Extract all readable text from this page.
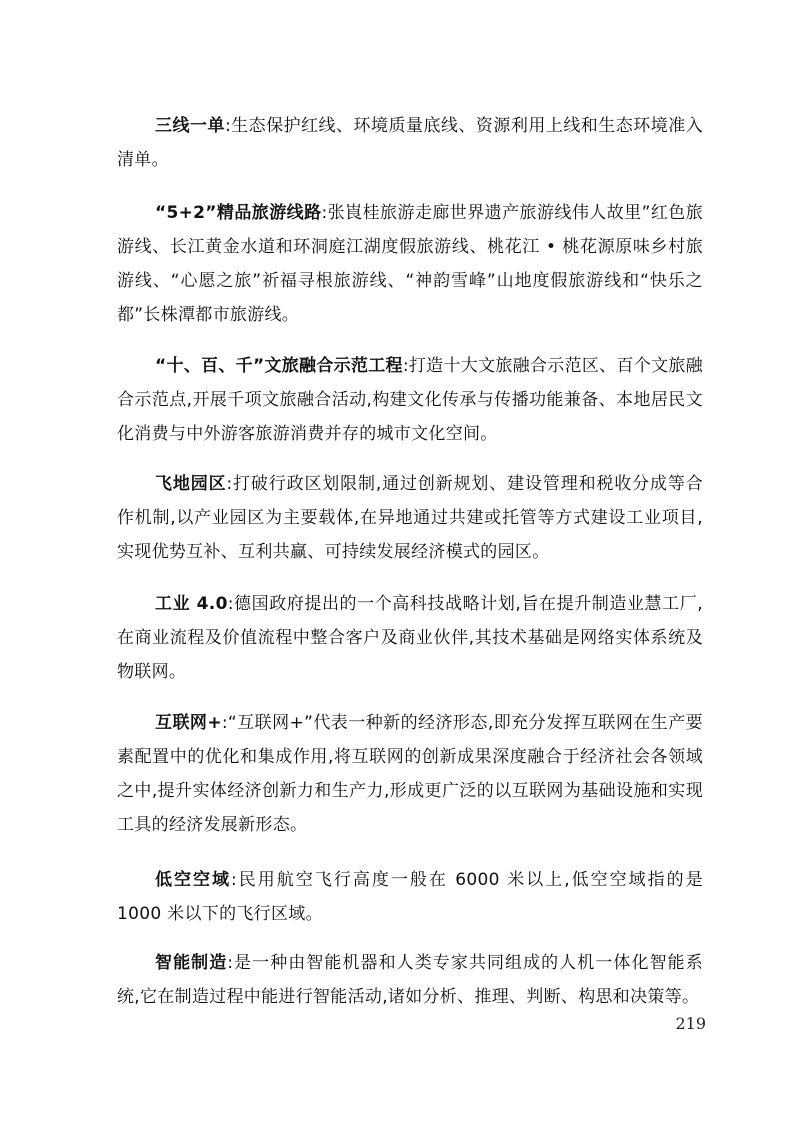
三线一单:生态保护红线、环境质量底线、资源利用上线和生态环境准入清单。

“5+2”精品旅游线路:张崀桂旅游走廊世界遗产旅游线伟人故里”红色旅游线、长江黄金水道和环洞庭江湖度假旅游线、桃花江 • 桃花源原味乡村旅游线、“心愿之旅”祈福寻根旅游线、“神韵雪峰”山地度假旅游线和“快乐之都”长株潭都市旅游线。

“十、百、千”文旅融合示范工程:打造十大文旅融合示范区、百个文旅融合示范点,开展千项文旅融合活动,构建文化传承与传播功能兼备、本地居民文化消费与中外游客旅游消费并存的城市文化空间。

飞地园区:打破行政区划限制,通过创新规划、建设管理和税收分成等合作机制,以产业园区为主要载体,在异地通过共建或托管等方式建设工业项目,实现优势互补、互利共赢、可持续发展经济模式的园区。

工业 4.0:德国政府提出的一个高科技战略计划,旨在提升制造业慧工厂,在商业流程及价值流程中整合客户及商业伙伴,其技术基础是网络实体系统及物联网。

互联网+:“互联网+”代表一种新的经济形态,即充分发挥互联网在生产要素配置中的优化和集成作用,将互联网的创新成果深度融合于经济社会各领域之中,提升实体经济创新力和生产力,形成更广泛的以互联网为基础设施和实现工具的经济发展新形态。

低空空域:民用航空飞行高度一般在 6000 米以上,低空空域指的是 1000 米以下的飞行区域。

智能制造:是一种由智能机器和人类专家共同组成的人机一体化智能系统,它在制造过程中能进行智能活动,诸如分析、推理、判断、构思和决策等。

219
